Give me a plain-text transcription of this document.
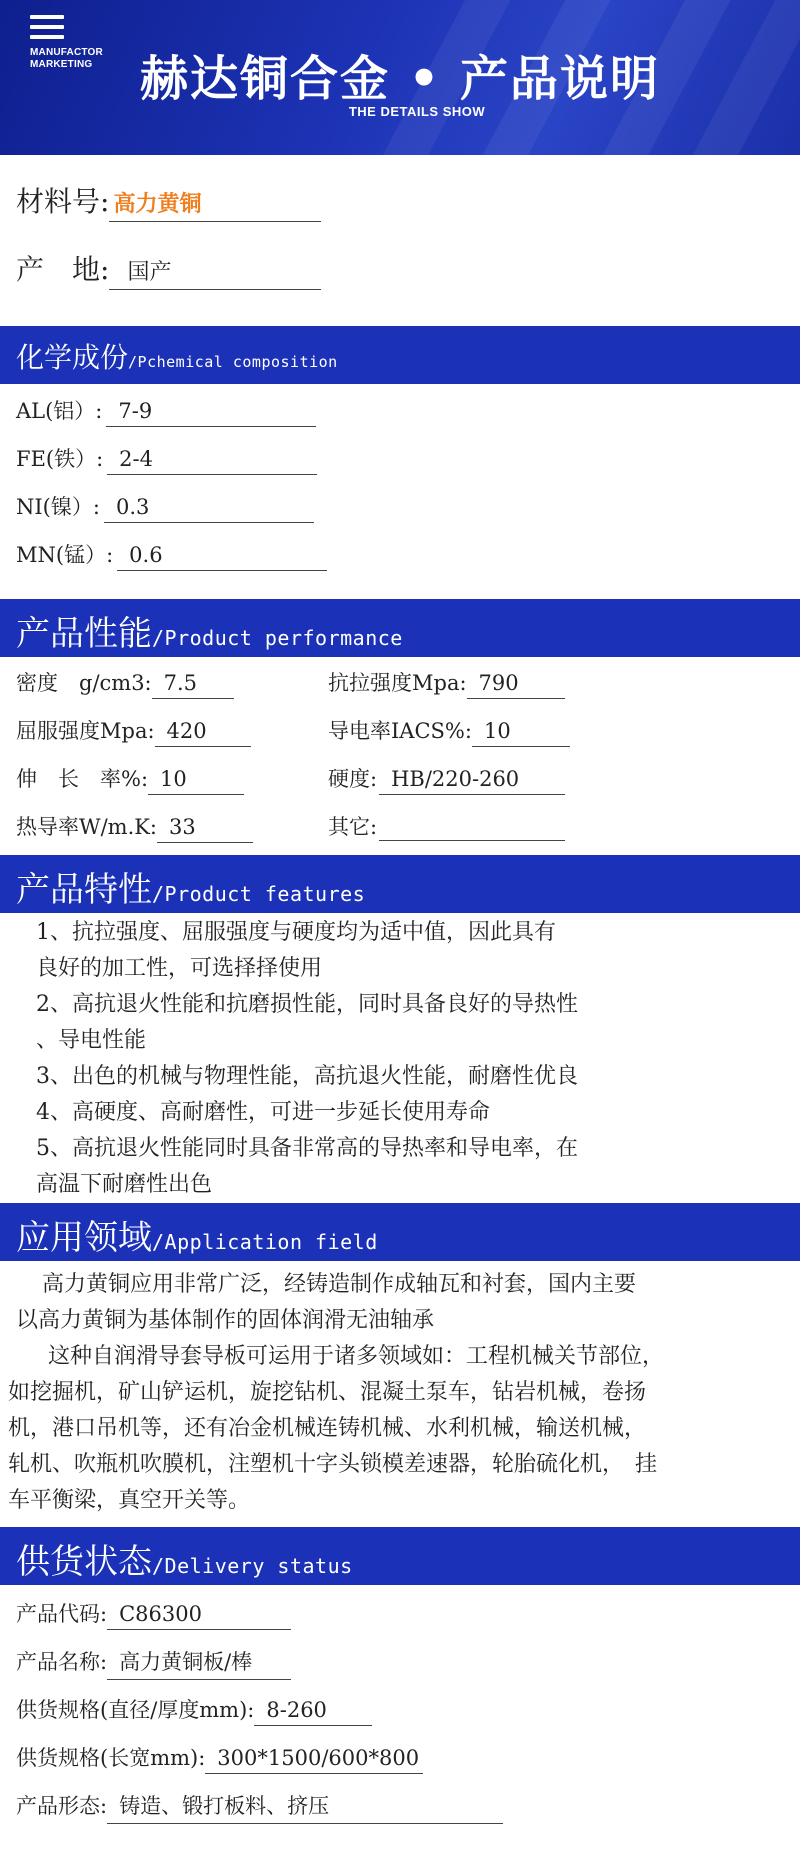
MANUFACTOR
MARKETING 赫达铜合金 • 产品说明
THE DETAILS SHOW
材料号: 高力黄铜
产　地: 国产
化学成份/Pchemical composition
AL(铝）: 7-9
FE(铁）: 2-4
NI(镍）: 0.3
MN(锰）: 0.6
产品性能/Product performance
密度　g/cm3: 7.5
屈服强度Mpa: 420
伸　长　率%: 10
热导率W/m.K: 33
抗拉强度Mpa: 790
导电率IACS%: 10
硬度: HB/220-260
其它:
产品特性/Product features
1、抗拉强度、屈服强度与硬度均为适中值，因此具有
良好的加工性，可选择择使用
2、高抗退火性能和抗磨损性能，同时具备良好的导热性
、导电性能
3、出色的机械与物理性能，高抗退火性能，耐磨性优良
4、高硬度、高耐磨性，可进一步延长使用寿命
5、高抗退火性能同时具备非常高的导热率和导电率，在
高温下耐磨性出色
应用领域/Application field
高力黄铜应用非常广泛，经铸造制作成轴瓦和衬套，国内主要
以高力黄铜为基体制作的固体润滑无油轴承
这种自润滑导套导板可运用于诸多领域如：工程机械关节部位，
如挖掘机，矿山铲运机，旋挖钻机、混凝土泵车，钻岩机械，卷扬
机，港口吊机等，还有冶金机械连铸机械、水利机械，输送机械，
轧机、吹瓶机吹膜机，注塑机十字头锁模差速器，轮胎硫化机，　挂
车平衡梁，真空开关等。
供货状态/Delivery status
产品代码: C86300
产品名称: 高力黄铜板/棒
供货规格(直径/厚度mm): 8-260
供货规格(长宽mm): 300*1500/600*800
产品形态: 铸造、锻打板料、挤压
